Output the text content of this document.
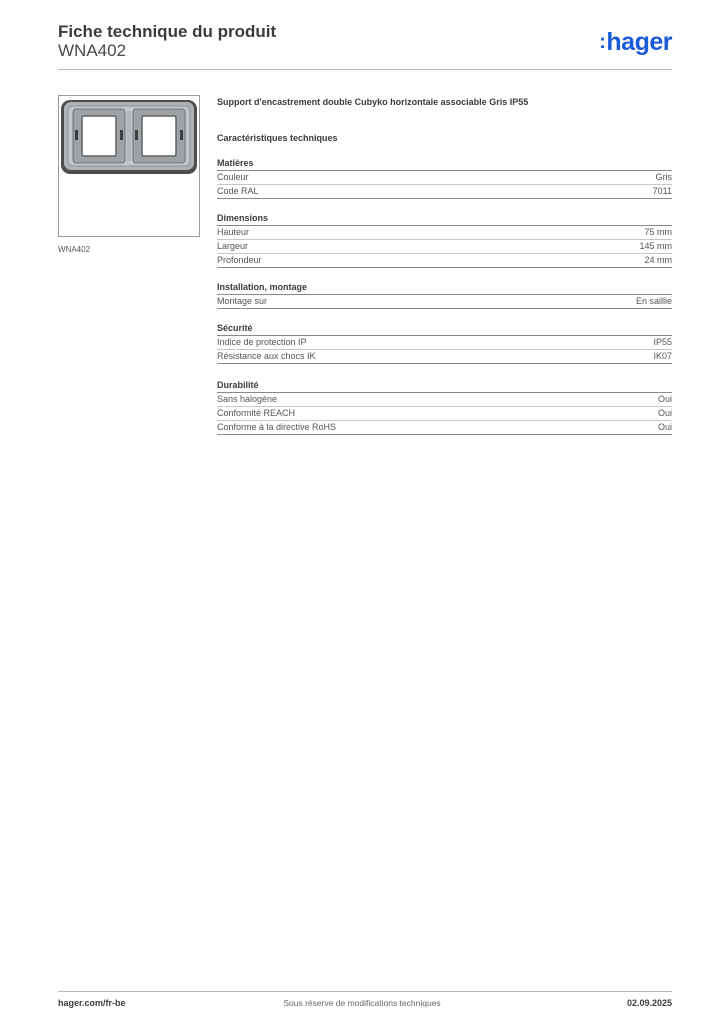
Fiche technique du produit
WNA402	:hager
WNA402
Support d'encastrement double Cubyko horizontale associable Gris IP55
Caractéristiques techniques
Matières
Couleur	Gris
Code RAL	7011
Dimensions
Hauteur	75 mm
Largeur	145 mm
Profondeur	24 mm
Installation, montage
Montage sur	En saillie
Sécurité
Indice de protection IP	IP55
Résistance aux chocs IK	IK07
Durabilité
Sans halogène	Oui
Conformité REACH	Oui
Conforme à la directive RoHS	Oui
hager.com/fr-be	Sous réserve de modifications techniques	02.09.2025
